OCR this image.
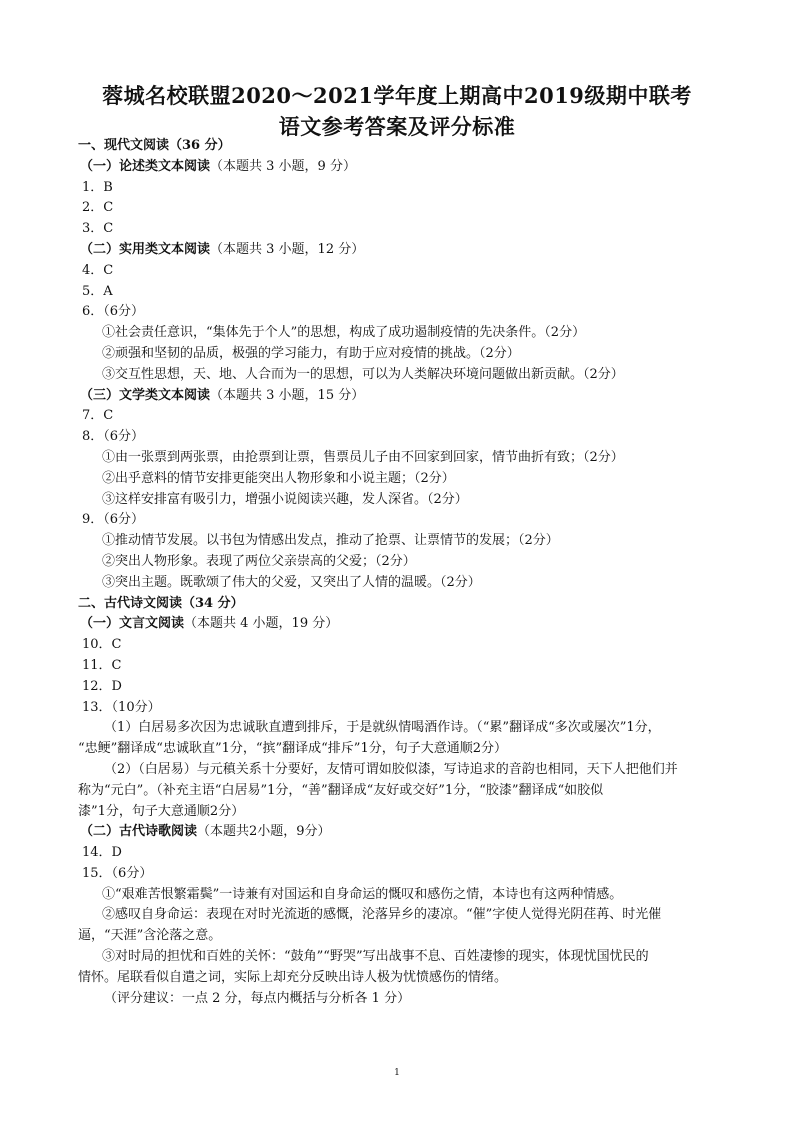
蓉城名校联盟2020～2021学年度上期高中2019级期中联考
语文参考答案及评分标准
一、现代文阅读（36 分）
（一）论述类文本阅读（本题共 3 小题，9 分）
1．B
2．C
3．C
（二）实用类文本阅读（本题共 3 小题，12 分）
4．C
5．A
6．（6分）
①社会责任意识，“集体先于个人”的思想，构成了成功遏制疫情的先决条件。（2分）
②顽强和坚韧的品质，极强的学习能力，有助于应对疫情的挑战。（2分）
③交互性思想，天、地、人合而为一的思想，可以为人类解决环境问题做出新贡献。（2分）
（三）文学类文本阅读（本题共 3 小题，15 分）
7．C
8．（6分）
①由一张票到两张票，由抢票到让票，售票员儿子由不回家到回家，情节曲折有致；（2分）
②出乎意料的情节安排更能突出人物形象和小说主题；（2分）
③这样安排富有吸引力，增强小说阅读兴趣，发人深省。（2分）
9．（6分）
①推动情节发展。以书包为情感出发点，推动了抢票、让票情节的发展；（2分）
②突出人物形象。表现了两位父亲崇高的父爱；（2分）
③突出主题。既歌颂了伟大的父爱，又突出了人情的温暖。（2分）
二、古代诗文阅读（34 分）
（一）文言文阅读（本题共 4 小题，19 分）
10．C
11．C
12．D
13．（10分）
（1）白居易多次因为忠诚耿直遭到排斥，于是就纵情喝酒作诗。（“累”翻译成“多次或屡次”1分，
“忠鲠”翻译成“忠诚耿直”1分，“摈”翻译成“排斥”1分，句子大意通顺2分）
（2）（白居易）与元稹关系十分要好，友情可谓如胶似漆，写诗追求的音韵也相同，天下人把他们并
称为“元白”。（补充主语“白居易”1分，“善”翻译成“友好或交好”1分，“胶漆”翻译成“如胶似
漆”1分，句子大意通顺2分）
（二）古代诗歌阅读（本题共2小题，9分）
14．D
15．（6分）
①“艰难苦恨繁霜鬓”一诗兼有对国运和自身命运的慨叹和感伤之情，本诗也有这两种情感。
②感叹自身命运：表现在对时光流逝的感慨，沦落异乡的凄凉。“催”字使人觉得光阴荏苒、时光催
逼，“天涯”含沦落之意。
③对时局的担忧和百姓的关怀：“鼓角”“野哭”写出战事不息、百姓凄惨的现实，体现忧国忧民的
情怀。尾联看似自遣之词，实际上却充分反映出诗人极为忧愤感伤的情绪。
（评分建议：一点 2 分，每点内概括与分析各 1 分）
1
